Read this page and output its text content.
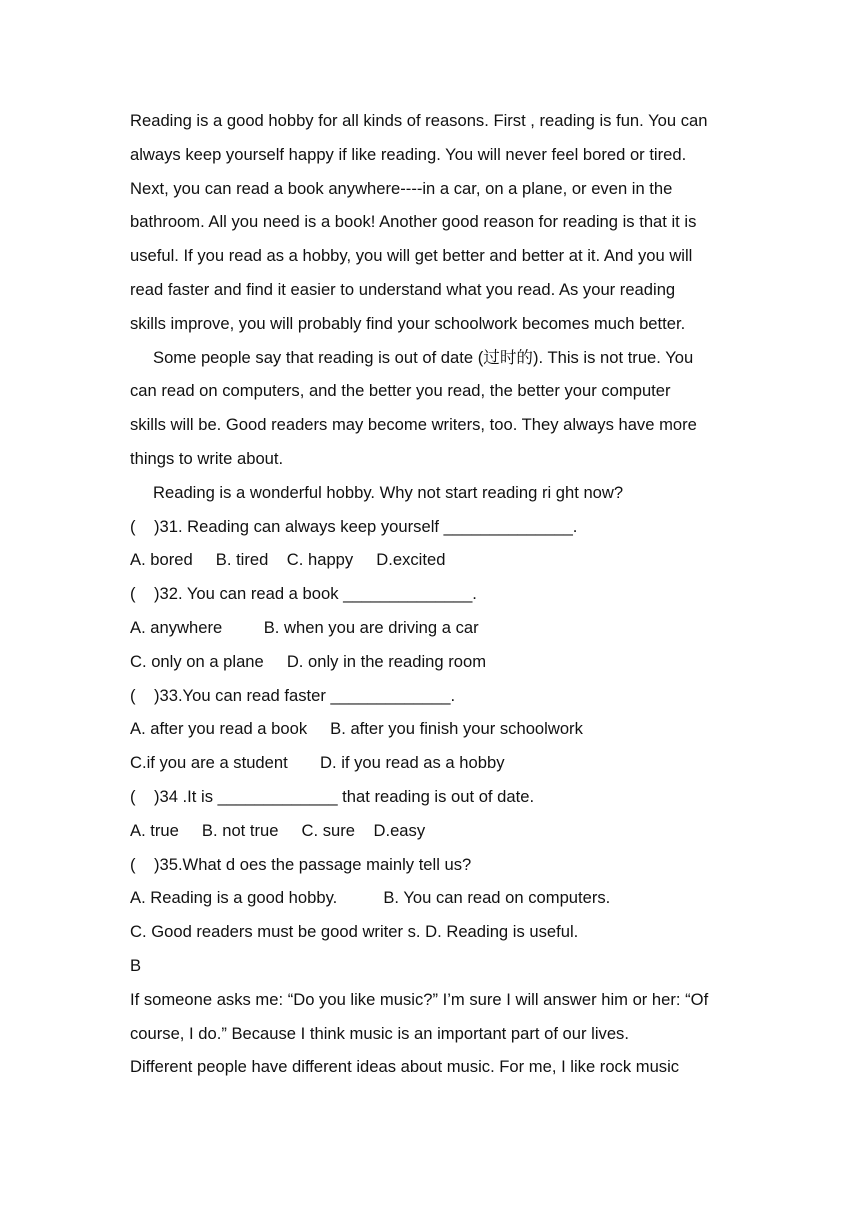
Reading is a good hobby for all kinds of reasons. First , reading is fun. You can

always keep yourself happy if like reading. You will never feel bored or tired.

Next, you can read a book anywhere----in a car, on a plane, or even in the

bathroom. All you need is a book! Another good reason for reading is that it is

useful. If you read as a hobby, you will get better and better at it. And you will

read faster and find it easier to understand what you read. As your reading

skills improve, you will probably find your schoolwork becomes much better.

Some people say that reading is out of date (过时的). This is not true. You

can read on computers, and the better you read, the better your computer

skills will be. Good readers may become writers, too. They always have more

things to write about.

Reading is a wonderful hobby. Why not start reading ri ght now?

(    )31. Reading can always keep yourself ______________.

A. bored     B. tired    C. happy     D.excited

(    )32. You can read a book ______________.

A. anywhere         B. when you are driving a car

C. only on a plane     D. only in the reading room

(    )33.You can read faster _____________.

A. after you read a book     B. after you finish your schoolwork

C.if you are a student       D. if you read as a hobby

(    )34 .It is _____________ that reading is out of date.

A. true     B. not true     C. sure    D.easy

(    )35.What d oes the passage mainly tell us?

A. Reading is a good hobby.          B. You can read on computers.

C. Good readers must be good writer s. D. Reading is useful.

B

If someone asks me: “Do you like music?” I’m sure I will answer him or her: “Of

course, I do.” Because I think music is an important part of our lives.

Different people have different ideas about music. For me, I like rock music
